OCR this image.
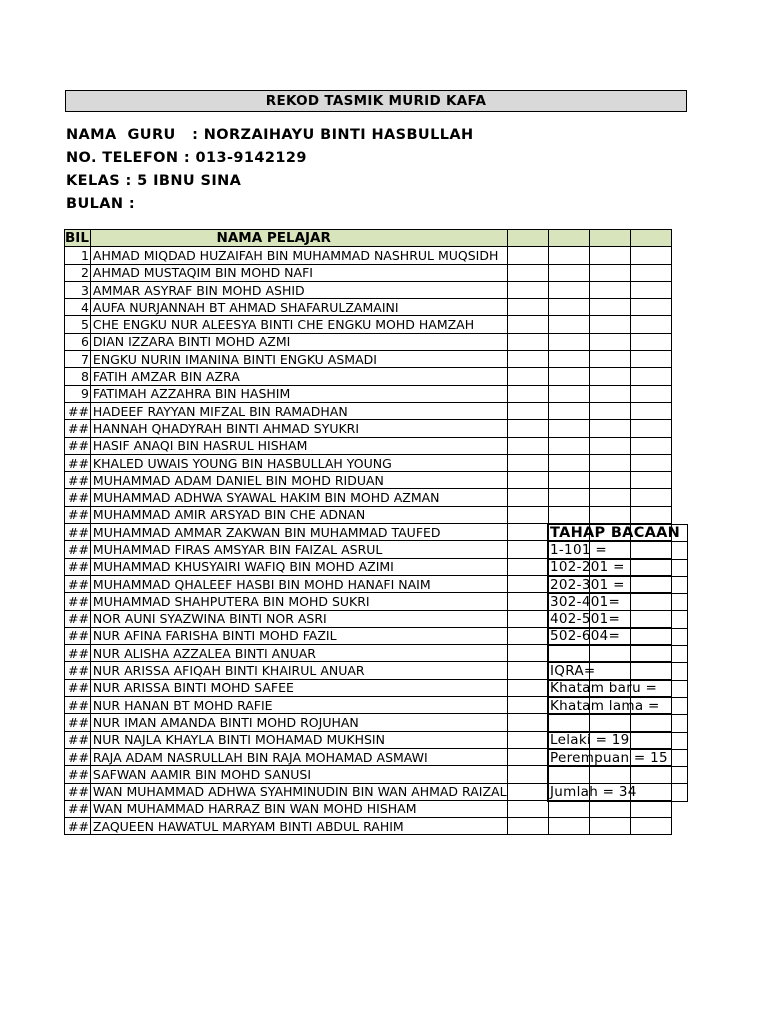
REKOD TASMIK MURID KAFA
NAMA  GURU   : NORZAIHAYU BINTI HASBULLAH
NO. TELEFON : 013-9142129
KELAS : 5 IBNU SINA
BULAN :
BIL	NAMA PELAJAR				
1	AHMAD MIQDAD HUZAIFAH BIN MUHAMMAD NASHRUL MUQSIDH				
2	AHMAD MUSTAQIM BIN MOHD NAFI				
3	AMMAR ASYRAF BIN MOHD ASHID				
4	AUFA NURJANNAH BT AHMAD SHAFARULZAMAINI				
5	CHE ENGKU NUR ALEESYA BINTI CHE ENGKU MOHD HAMZAH				
6	DIAN IZZARA BINTI MOHD AZMI				
7	ENGKU NURIN IMANINA BINTI ENGKU ASMADI				
8	FATIH AMZAR BIN AZRA				
9	FATIMAH AZZAHRA BIN HASHIM				
##	HADEEF RAYYAN MIFZAL BIN RAMADHAN				
##	HANNAH QHADYRAH BINTI AHMAD SYUKRI				
##	HASIF ANAQI BIN HASRUL HISHAM				
##	KHALED UWAIS YOUNG BIN HASBULLAH YOUNG				
##	MUHAMMAD ADAM DANIEL BIN MOHD RIDUAN				
##	MUHAMMAD ADHWA SYAWAL HAKIM BIN MOHD AZMAN				
##	MUHAMMAD AMIR ARSYAD BIN CHE ADNAN				
##	MUHAMMAD AMMAR ZAKWAN BIN MUHAMMAD TAUFED				
##	MUHAMMAD FIRAS AMSYAR BIN FAIZAL ASRUL				
##	MUHAMMAD KHUSYAIRI WAFIQ BIN MOHD AZIMI				
##	MUHAMMAD QHALEEF HASBI BIN MOHD HANAFI NAIM				
##	MUHAMMAD SHAHPUTERA BIN MOHD SUKRI				
##	NOR AUNI SYAZWINA BINTI NOR ASRI				
##	NUR AFINA FARISHA BINTI MOHD FAZIL				
##	NUR ALISHA AZZALEA BINTI ANUAR				
##	NUR ARISSA AFIQAH BINTI KHAIRUL ANUAR				
##	NUR ARISSA BINTI MOHD SAFEE				
##	NUR HANAN BT MOHD RAFIE				
##	NUR IMAN AMANDA BINTI MOHD ROJUHAN				
##	NUR NAJLA KHAYLA BINTI MOHAMAD MUKHSIN				
##	RAJA ADAM NASRULLAH BIN RAJA MOHAMAD ASMAWI				
##	SAFWAN AAMIR BIN MOHD SANUSI				
##	WAN MUHAMMAD ADHWA SYAHMINUDIN BIN WAN AHMAD RAIZAL				
##	WAN MUHAMMAD HARRAZ BIN WAN MOHD HISHAM				
##	ZAQUEEN HAWATUL MARYAM BINTI ABDUL RAHIM				
TAHAP BACAAN
1-101 =
102-201 =
202-301 =
302-401=
402-501=
502-604=

IQRA=
Khatam baru =
Khatam lama =

Lelaki = 19
Perempuan = 15

Jumlah = 34
